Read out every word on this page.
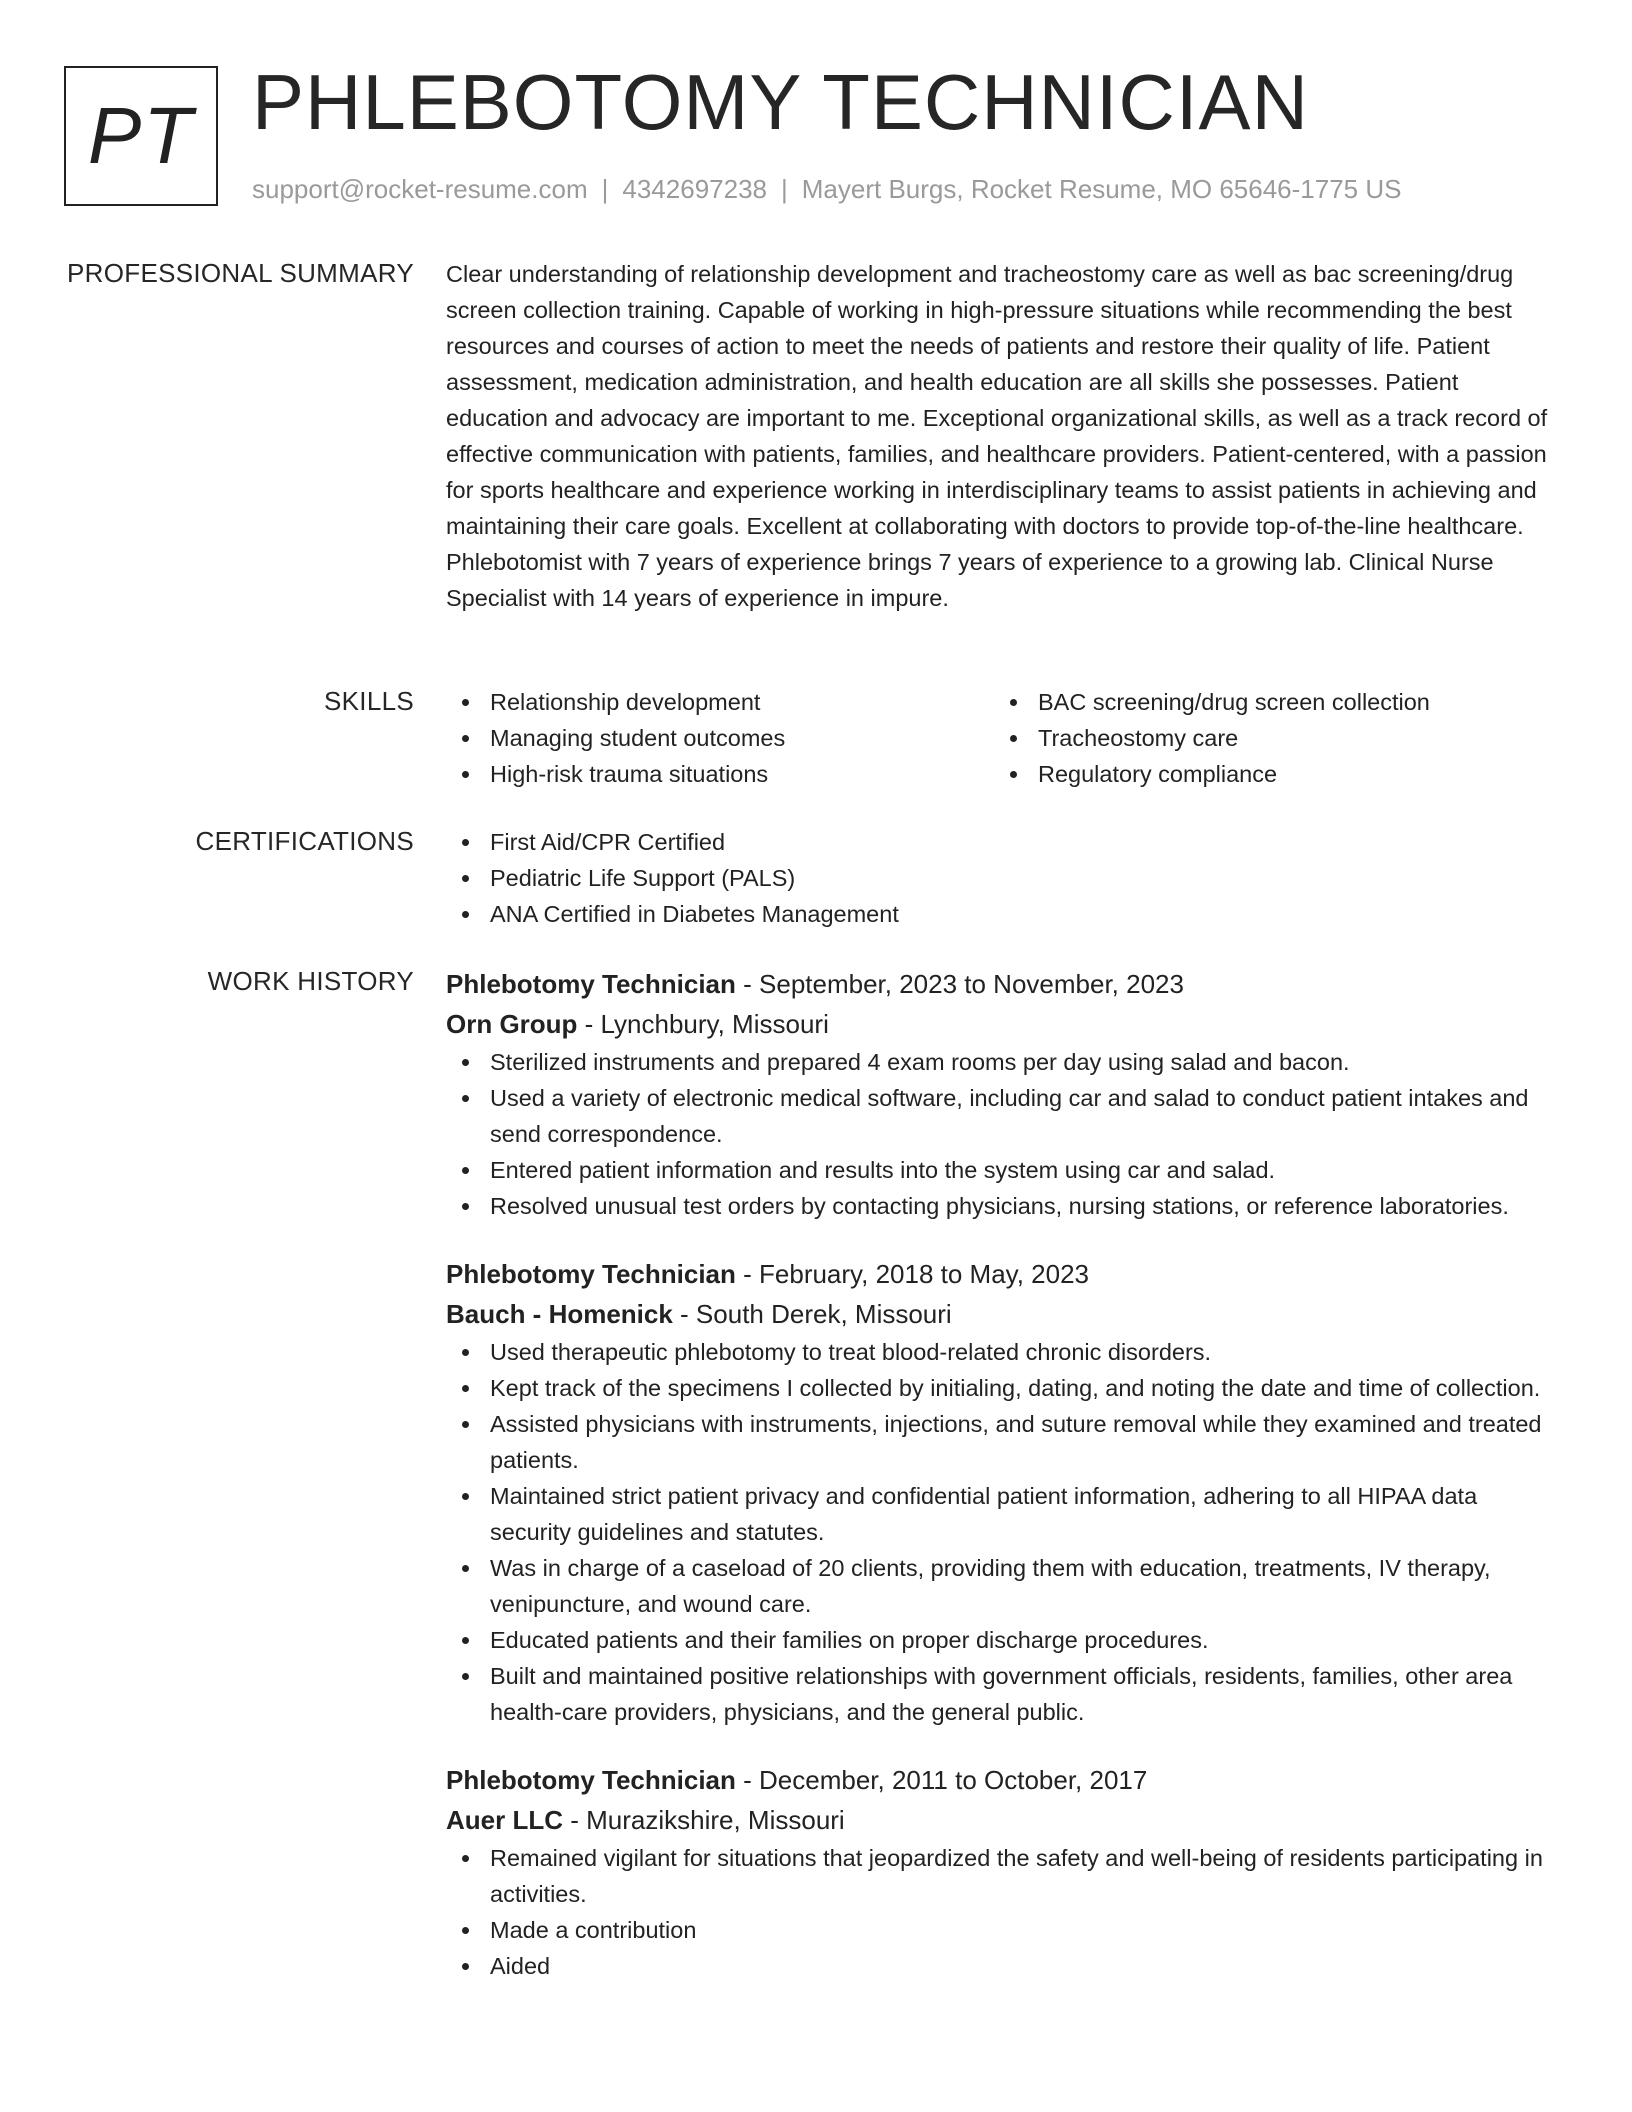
PT PHLEBOTOMY TECHNICIAN
support@rocket-resume.com | 4342697238 | Mayert Burgs, Rocket Resume, MO 65646-1775 US
PROFESSIONAL SUMMARY Clear understanding of relationship development and tracheostomy care as well as bac screening/drug screen collection training. Capable of working in high-pressure situations while recommending the best resources and courses of action to meet the needs of patients and restore their quality of life. Patient assessment, medication administration, and health education are all skills she possesses. Patient education and advocacy are important to me. Exceptional organizational skills, as well as a track record of effective communication with patients, families, and healthcare providers. Patient-centered, with a passion for sports healthcare and experience working in interdisciplinary teams to assist patients in achieving and maintaining their care goals. Excellent at collaborating with doctors to provide top-of-the-line healthcare. Phlebotomist with 7 years of experience brings 7 years of experience to a growing lab. Clinical Nurse Specialist with 14 years of experience in impure.

SKILLS	Relationship development	BAC screening/drug screen collection
Managing student outcomes	Tracheostomy care
High-risk trauma situations	Regulatory compliance
CERTIFICATIONS	First Aid/CPR Certified
Pediatric Life Support (PALS)
ANA Certified in Diabetes Management
WORK HISTORY Phlebotomy Technician - September, 2023 to November, 2023
Orn Group - Lynchbury, Missouri
Sterilized instruments and prepared 4 exam rooms per day using salad and bacon.
Used a variety of electronic medical software, including car and salad to conduct patient intakes and send correspondence.
Entered patient information and results into the system using car and salad.
Resolved unusual test orders by contacting physicians, nursing stations, or reference laboratories.
Phlebotomy Technician - February, 2018 to May, 2023
Bauch - Homenick - South Derek, Missouri
Used therapeutic phlebotomy to treat blood-related chronic disorders.
Kept track of the specimens I collected by initialing, dating, and noting the date and time of collection.
Assisted physicians with instruments, injections, and suture removal while they examined and treated patients.
Maintained strict patient privacy and confidential patient information, adhering to all HIPAA data security guidelines and statutes.
Was in charge of a caseload of 20 clients, providing them with education, treatments, IV therapy, venipuncture, and wound care.
Educated patients and their families on proper discharge procedures.
Built and maintained positive relationships with government officials, residents, families, other area health-care providers, physicians, and the general public.
Phlebotomy Technician - December, 2011 to October, 2017
Auer LLC - Murazikshire, Missouri
Remained vigilant for situations that jeopardized the safety and well-being of residents participating in activities.
Made a contribution
Aided
